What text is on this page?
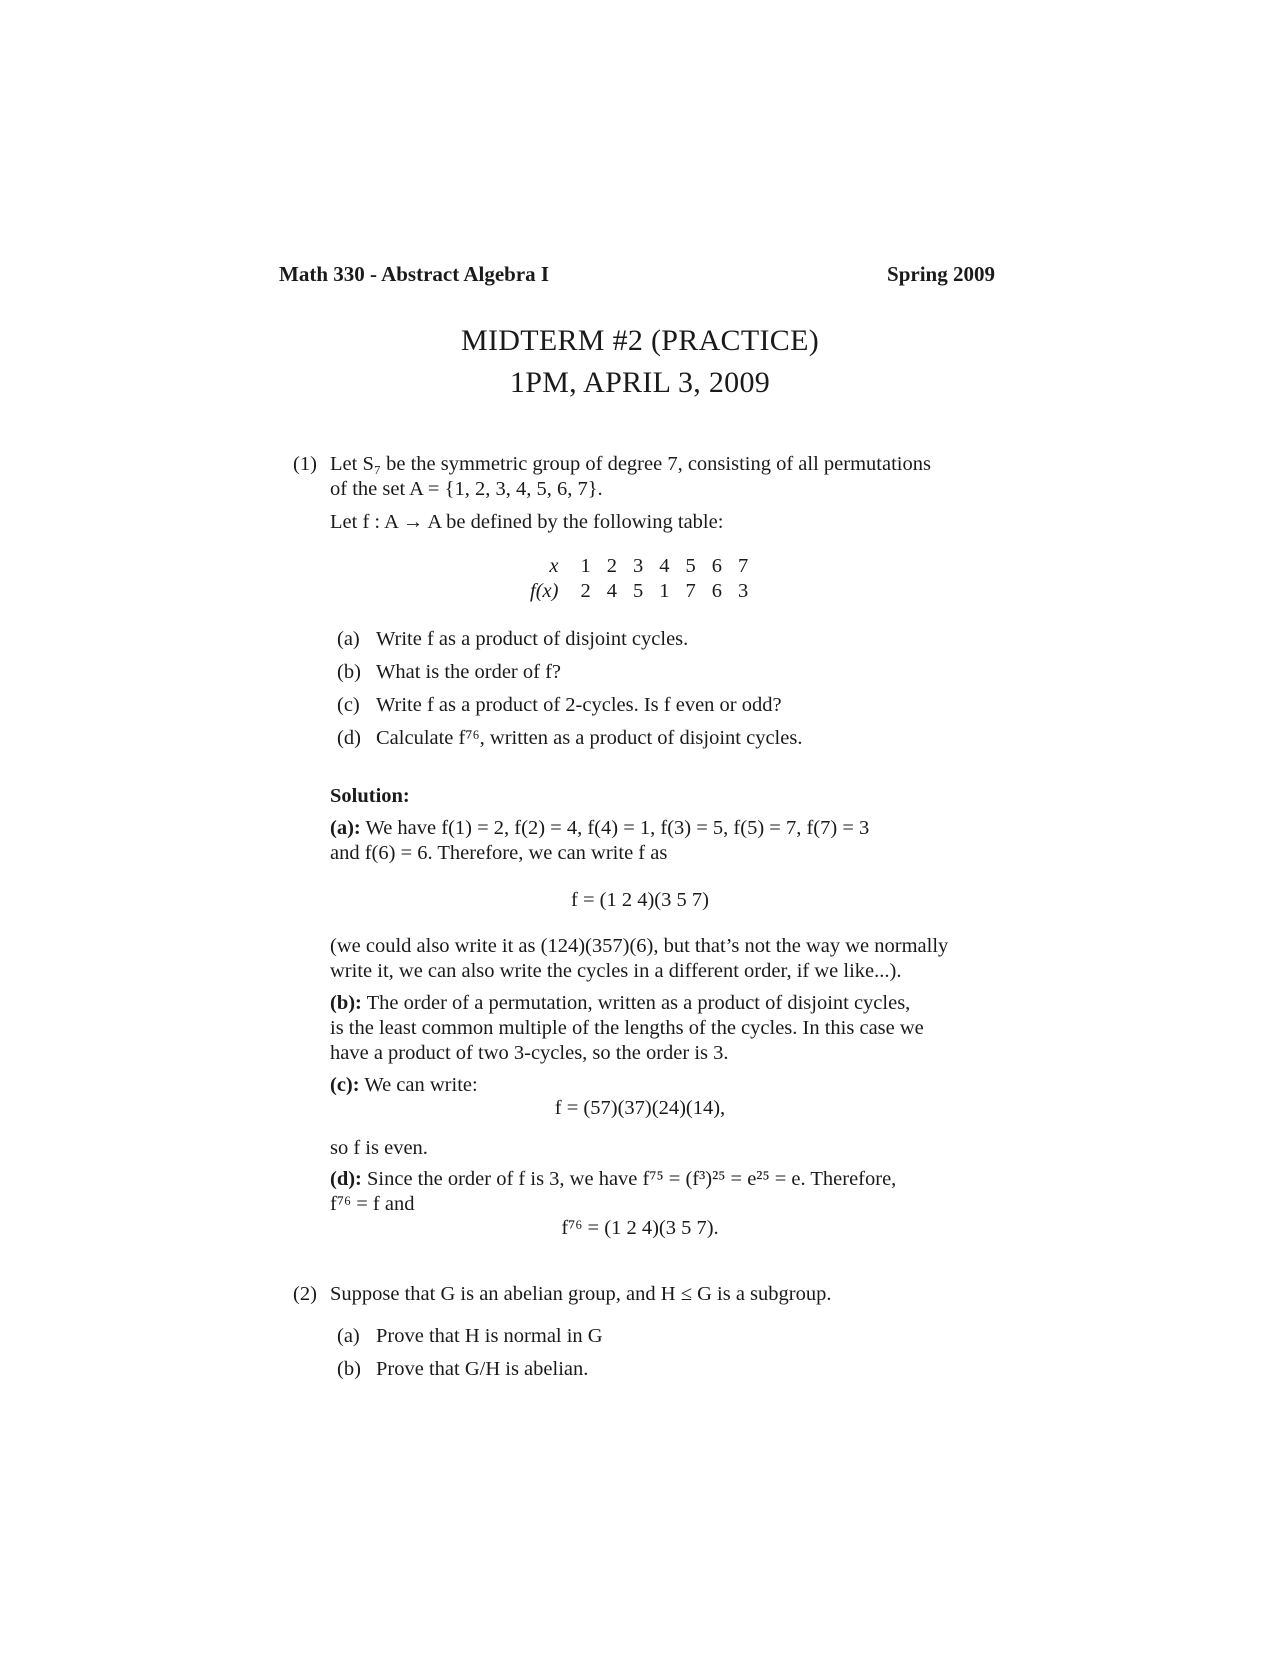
Math 330 - Abstract Algebra I	Spring 2009
MIDTERM #2 (PRACTICE)
1PM, APRIL 3, 2009
(1) Let S₇ be the symmetric group of degree 7, consisting of all permutations
of the set A = {1, 2, 3, 4, 5, 6, 7}.
Let f : A → A be defined by the following table:
x	1	2	3	4	5	6	7
f(x)	2	4	5	1	7	6	3
(a) Write f as a product of disjoint cycles.
(b) What is the order of f?
(c) Write f as a product of 2-cycles. Is f even or odd?
(d) Calculate f⁷⁶, written as a product of disjoint cycles.
Solution:
(a): We have f(1) = 2, f(2) = 4, f(4) = 1, f(3) = 5, f(5) = 7, f(7) = 3
and f(6) = 6. Therefore, we can write f as
f = (1 2 4)(3 5 7)
(we could also write it as (124)(357)(6), but that’s not the way we normally
write it, we can also write the cycles in a different order, if we like...).
(b): The order of a permutation, written as a product of disjoint cycles,
is the least common multiple of the lengths of the cycles. In this case we
have a product of two 3-cycles, so the order is 3.
(c): We can write:
f = (57)(37)(24)(14),
so f is even.
(d): Since the order of f is 3, we have f⁷⁵ = (f³)²⁵ = e²⁵ = e. Therefore,
f⁷⁶ = f and
f⁷⁶ = (1 2 4)(3 5 7).
(2) Suppose that G is an abelian group, and H ≤ G is a subgroup.
(a) Prove that H is normal in G
(b) Prove that G/H is abelian.
